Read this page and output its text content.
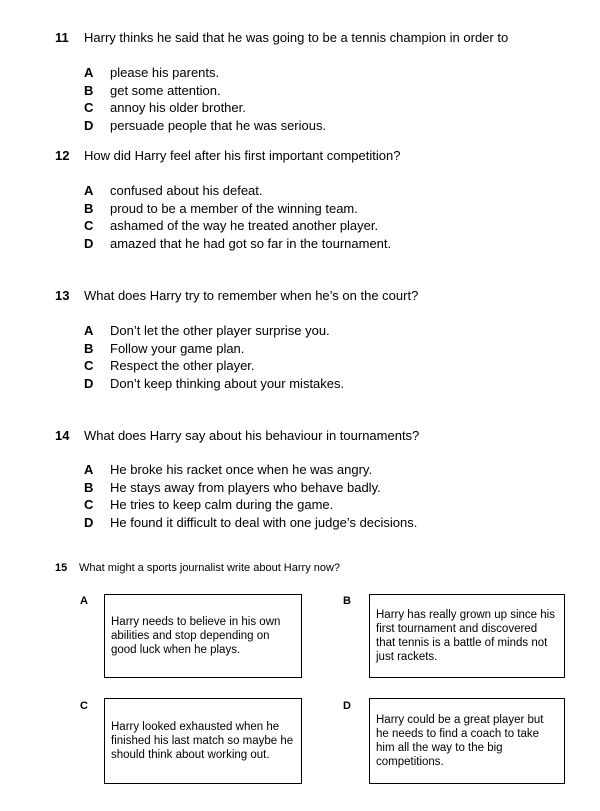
11 Harry thinks he said that he was going to be a tennis champion in order to
A please his parents.
B get some attention.
C annoy his older brother.
D persuade people that he was serious.
12 How did Harry feel after his first important competition?
A confused about his defeat.
B proud to be a member of the winning team.
C ashamed of the way he treated another player.
D amazed that he had got so far in the tournament.
13 What does Harry try to remember when he’s on the court?
A Don’t let the other player surprise you.
B Follow your game plan.
C Respect the other player.
D Don’t keep thinking about your mistakes.
14 What does Harry say about his behaviour in tournaments?
A He broke his racket once when he was angry.
B He stays away from players who behave badly.
C He tries to keep calm during the game.
D He found it difficult to deal with one judge’s decisions.
15 What might a sports journalist write about Harry now?
A
Harry needs to believe in his own abilities and stop depending on good luck when he plays.
B
Harry has really grown up since his first tournament and discovered that tennis is a battle of minds not just rackets.
C
Harry looked exhausted when he finished his last match so maybe he should think about working out.
D
Harry could be a great player but he needs to find a coach to take him all the way to the big competitions.
